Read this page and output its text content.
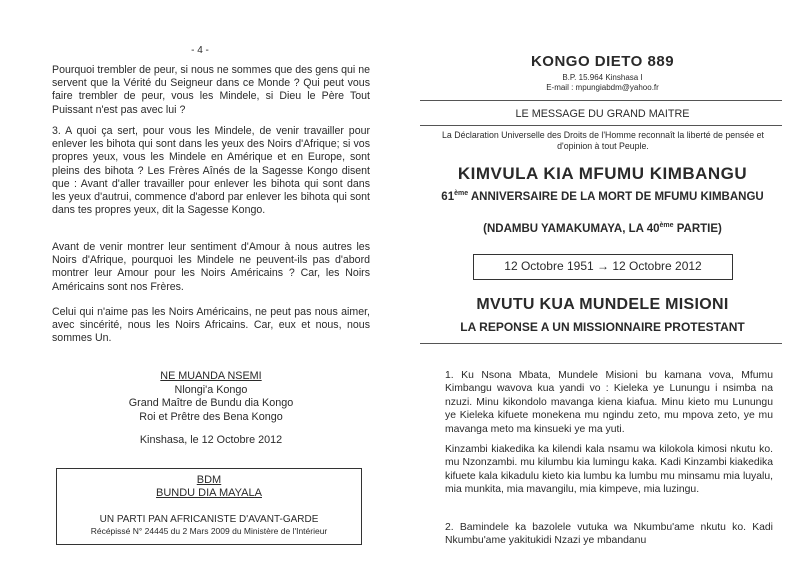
- 4 -

Pourquoi trembler de peur, si nous ne sommes que des gens qui ne servent que la Vérité du Seigneur dans ce Monde ? Qui peut vous faire trembler de peur, vous les Mindele, si Dieu le Père Tout Puissant n'est pas avec lui ?

3. A quoi ça sert, pour vous les Mindele, de venir travailler pour enlever les bihota qui sont dans les yeux des Noirs d'Afrique; si vos propres yeux, vous les Mindele en Amérique et en Europe, sont pleins des bihota ? Les Frères Aînés de la Sagesse Kongo disent que : Avant d'aller travailler pour enlever les bihota qui sont dans les yeux d'autrui, commence d'abord par enlever les bihota qui sont dans tes propres yeux, dit la Sagesse Kongo.

Avant de venir montrer leur sentiment d'Amour à nous autres les Noirs d'Afrique, pourquoi les Mindele ne peuvent-ils pas d'abord montrer leur Amour pour les Noirs Américains ? Car, les Noirs Américains sont nos Frères.

Celui qui n'aime pas les Noirs Américains, ne peut pas nous aimer, avec sincérité, nous les Noirs Africains. Car, eux et nous, nous sommes Un.

NE MUANDA NSEMI
Nlongi'a Kongo
Grand Maître de Bundu dia Kongo
Roi et Prêtre des Bena Kongo
Kinshasa, le 12 Octobre 2012
BDM
BUNDU DIA MAYALA
UN PARTI PAN AFRICANISTE D'AVANT-GARDE
Récépissé N° 24445 du 2 Mars 2009 du Ministère de l'Intérieur
KONGO DIETO 889
B.P. 15.964 Kinshasa I
E-mail : mpungiabdm@yahoo.fr
LE MESSAGE DU GRAND MAITRE
La Déclaration Universelle des Droits de l'Homme reconnaît la liberté de pensée et d'opinion à tout Peuple.
KIMVULA KIA MFUMU KIMBANGU
61ème ANNIVERSAIRE DE LA MORT DE MFUMU KIMBANGU
(NDAMBU YAMAKUMAYA, LA 40ème PARTIE)
12 Octobre 1951 → 12 Octobre 2012
MVUTU KUA MUNDELE MISIONI
LA REPONSE A UN MISSIONNAIRE PROTESTANT

1. Ku Nsona Mbata, Mundele Misioni bu kamana vova, Mfumu Kimbangu wavova kua yandi vo : Kieleka ye Lunungu i nsimba na nzuzi. Minu kikondolo mavanga kiena kiafua. Minu kieto mu Lunungu ye Kieleka kifuete monekena mu ngindu zeto, mu mpova zeto, ye mu mavanga meto ma kinsueki ye ma yuti.

Kinzambi kiakedika ka kilendi kala nsamu wa kilokola kimosi nkutu ko. mu Nzonzambi. mu kilumbu kia lumingu kaka. Kadi Kinzambi kiakedika kifuete kala kikadulu kieto kia lumbu ka lumbu mu minsamu mia luyalu, mia munkita, mia mavangilu, mia kimpeve, mia luzingu.

2. Bamindele ka bazolele vutuka wa Nkumbu'ame nkutu ko. Kadi Nkumbu'ame yakitukidi Nzazi ye mbandanu
